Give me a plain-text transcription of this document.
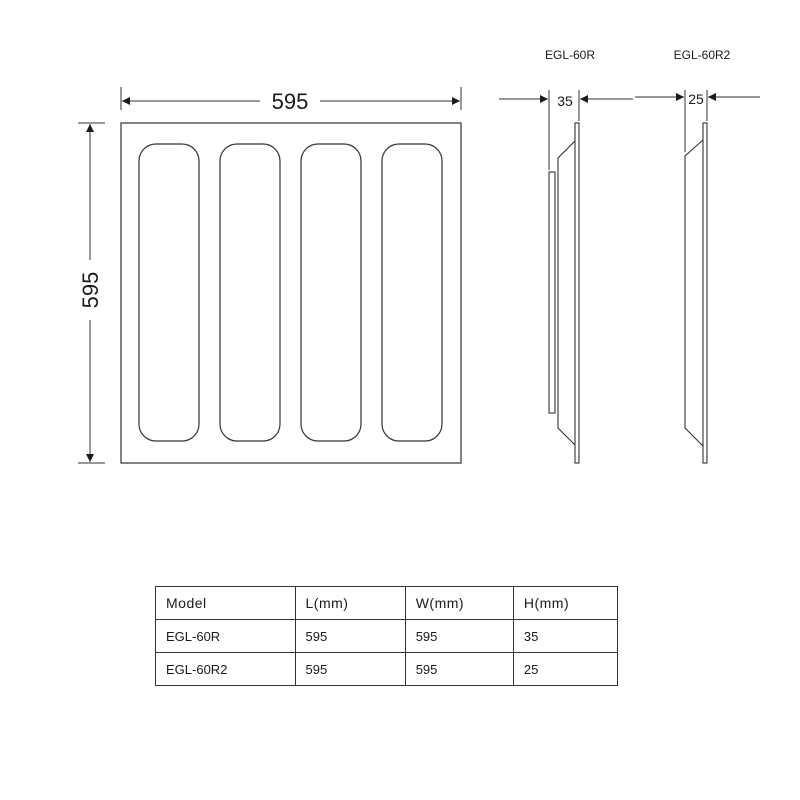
595
595
EGL-60R
35
EGL-60R2
25
Model	L(mm)	W(mm)	H(mm)
EGL-60R	595	595	35
EGL-60R2	595	595	25
